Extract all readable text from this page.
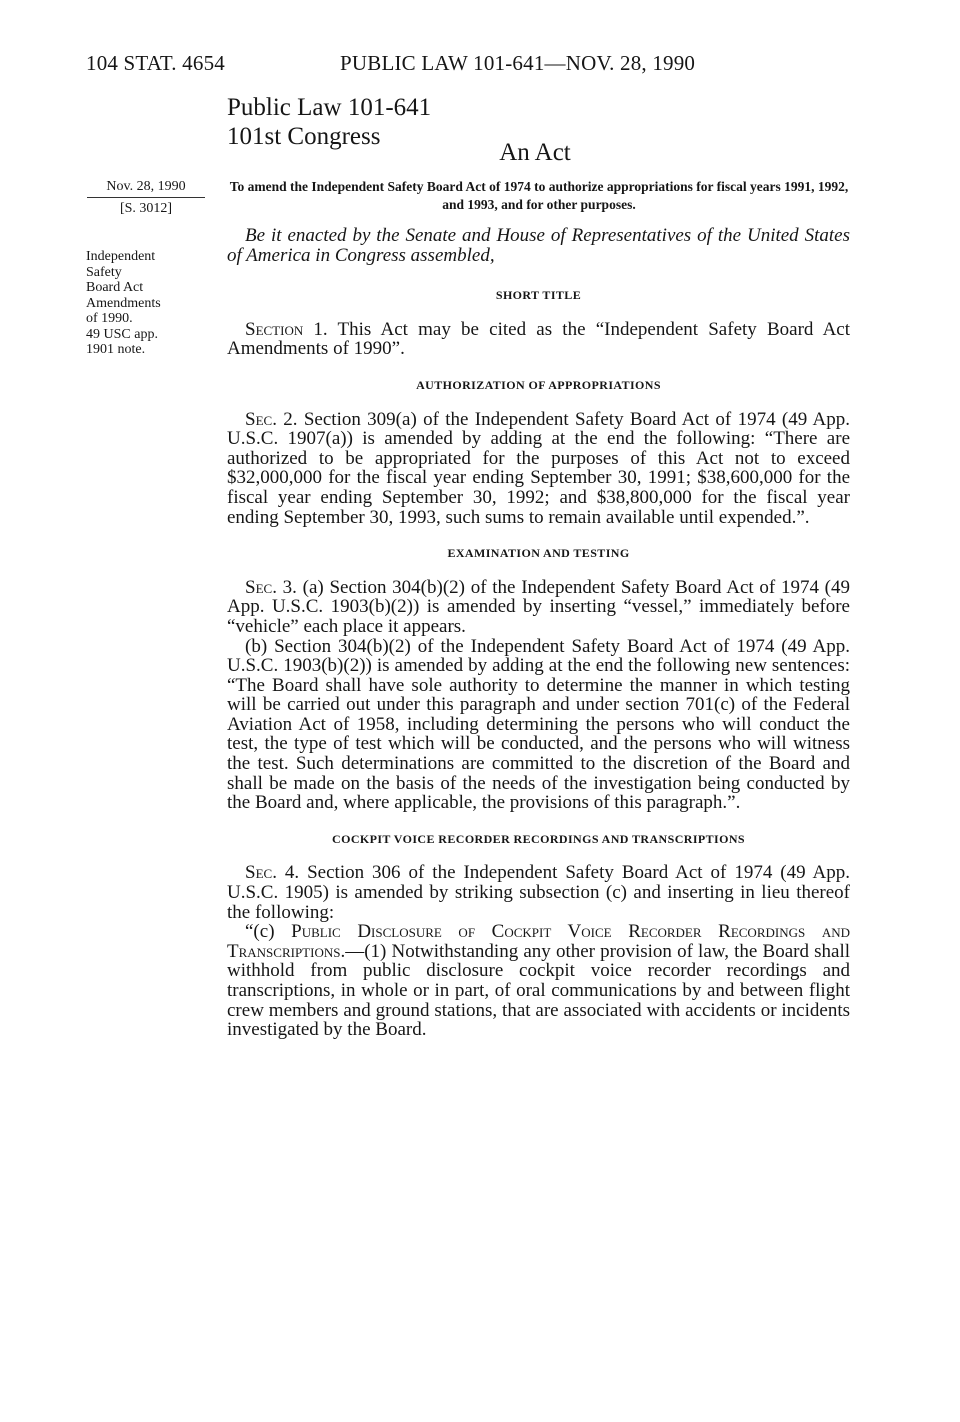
104 STAT. 4654	PUBLIC LAW 101-641—NOV. 28, 1990
Public Law 101-641
101st Congress
An Act
Nov. 28, 1990
[S. 3012]
Independent
Safety
Board Act
Amendments
of 1990.
49 USC app.
1901 note.
To amend the Independent Safety Board Act of 1974 to authorize appropriations for fiscal years 1991, 1992, and 1993, and for other purposes.

Be it enacted by the Senate and House of Representatives of the United States of America in Congress assembled,

SHORT TITLE

Section 1. This Act may be cited as the “Independent Safety Board Act Amendments of 1990”.

AUTHORIZATION OF APPROPRIATIONS

Sec. 2. Section 309(a) of the Independent Safety Board Act of 1974 (49 App. U.S.C. 1907(a)) is amended by adding at the end the following: “There are authorized to be appropriated for the purposes of this Act not to exceed $32,000,000 for the fiscal year ending September 30, 1991; $38,600,000 for the fiscal year ending September 30, 1992; and $38,800,000 for the fiscal year ending September 30, 1993, such sums to remain available until expended.”.

EXAMINATION AND TESTING

Sec. 3. (a) Section 304(b)(2) of the Independent Safety Board Act of 1974 (49 App. U.S.C. 1903(b)(2)) is amended by inserting “vessel,” immediately before “vehicle” each place it appears.

(b) Section 304(b)(2) of the Independent Safety Board Act of 1974 (49 App. U.S.C. 1903(b)(2)) is amended by adding at the end the following new sentences: “The Board shall have sole authority to determine the manner in which testing will be carried out under this paragraph and under section 701(c) of the Federal Aviation Act of 1958, including determining the persons who will conduct the test, the type of test which will be conducted, and the persons who will witness the test. Such determinations are committed to the discretion of the Board and shall be made on the basis of the needs of the investigation being conducted by the Board and, where applicable, the provisions of this paragraph.”.

COCKPIT VOICE RECORDER RECORDINGS AND TRANSCRIPTIONS

Sec. 4. Section 306 of the Independent Safety Board Act of 1974 (49 App. U.S.C. 1905) is amended by striking subsection (c) and inserting in lieu thereof the following:

“(c) Public Disclosure of Cockpit Voice Recorder Recordings and Transcriptions.—(1) Notwithstanding any other provision of law, the Board shall withhold from public disclosure cockpit voice recorder recordings and transcriptions, in whole or in part, of oral communications by and between flight crew members and ground stations, that are associated with accidents or incidents investigated by the Board.
